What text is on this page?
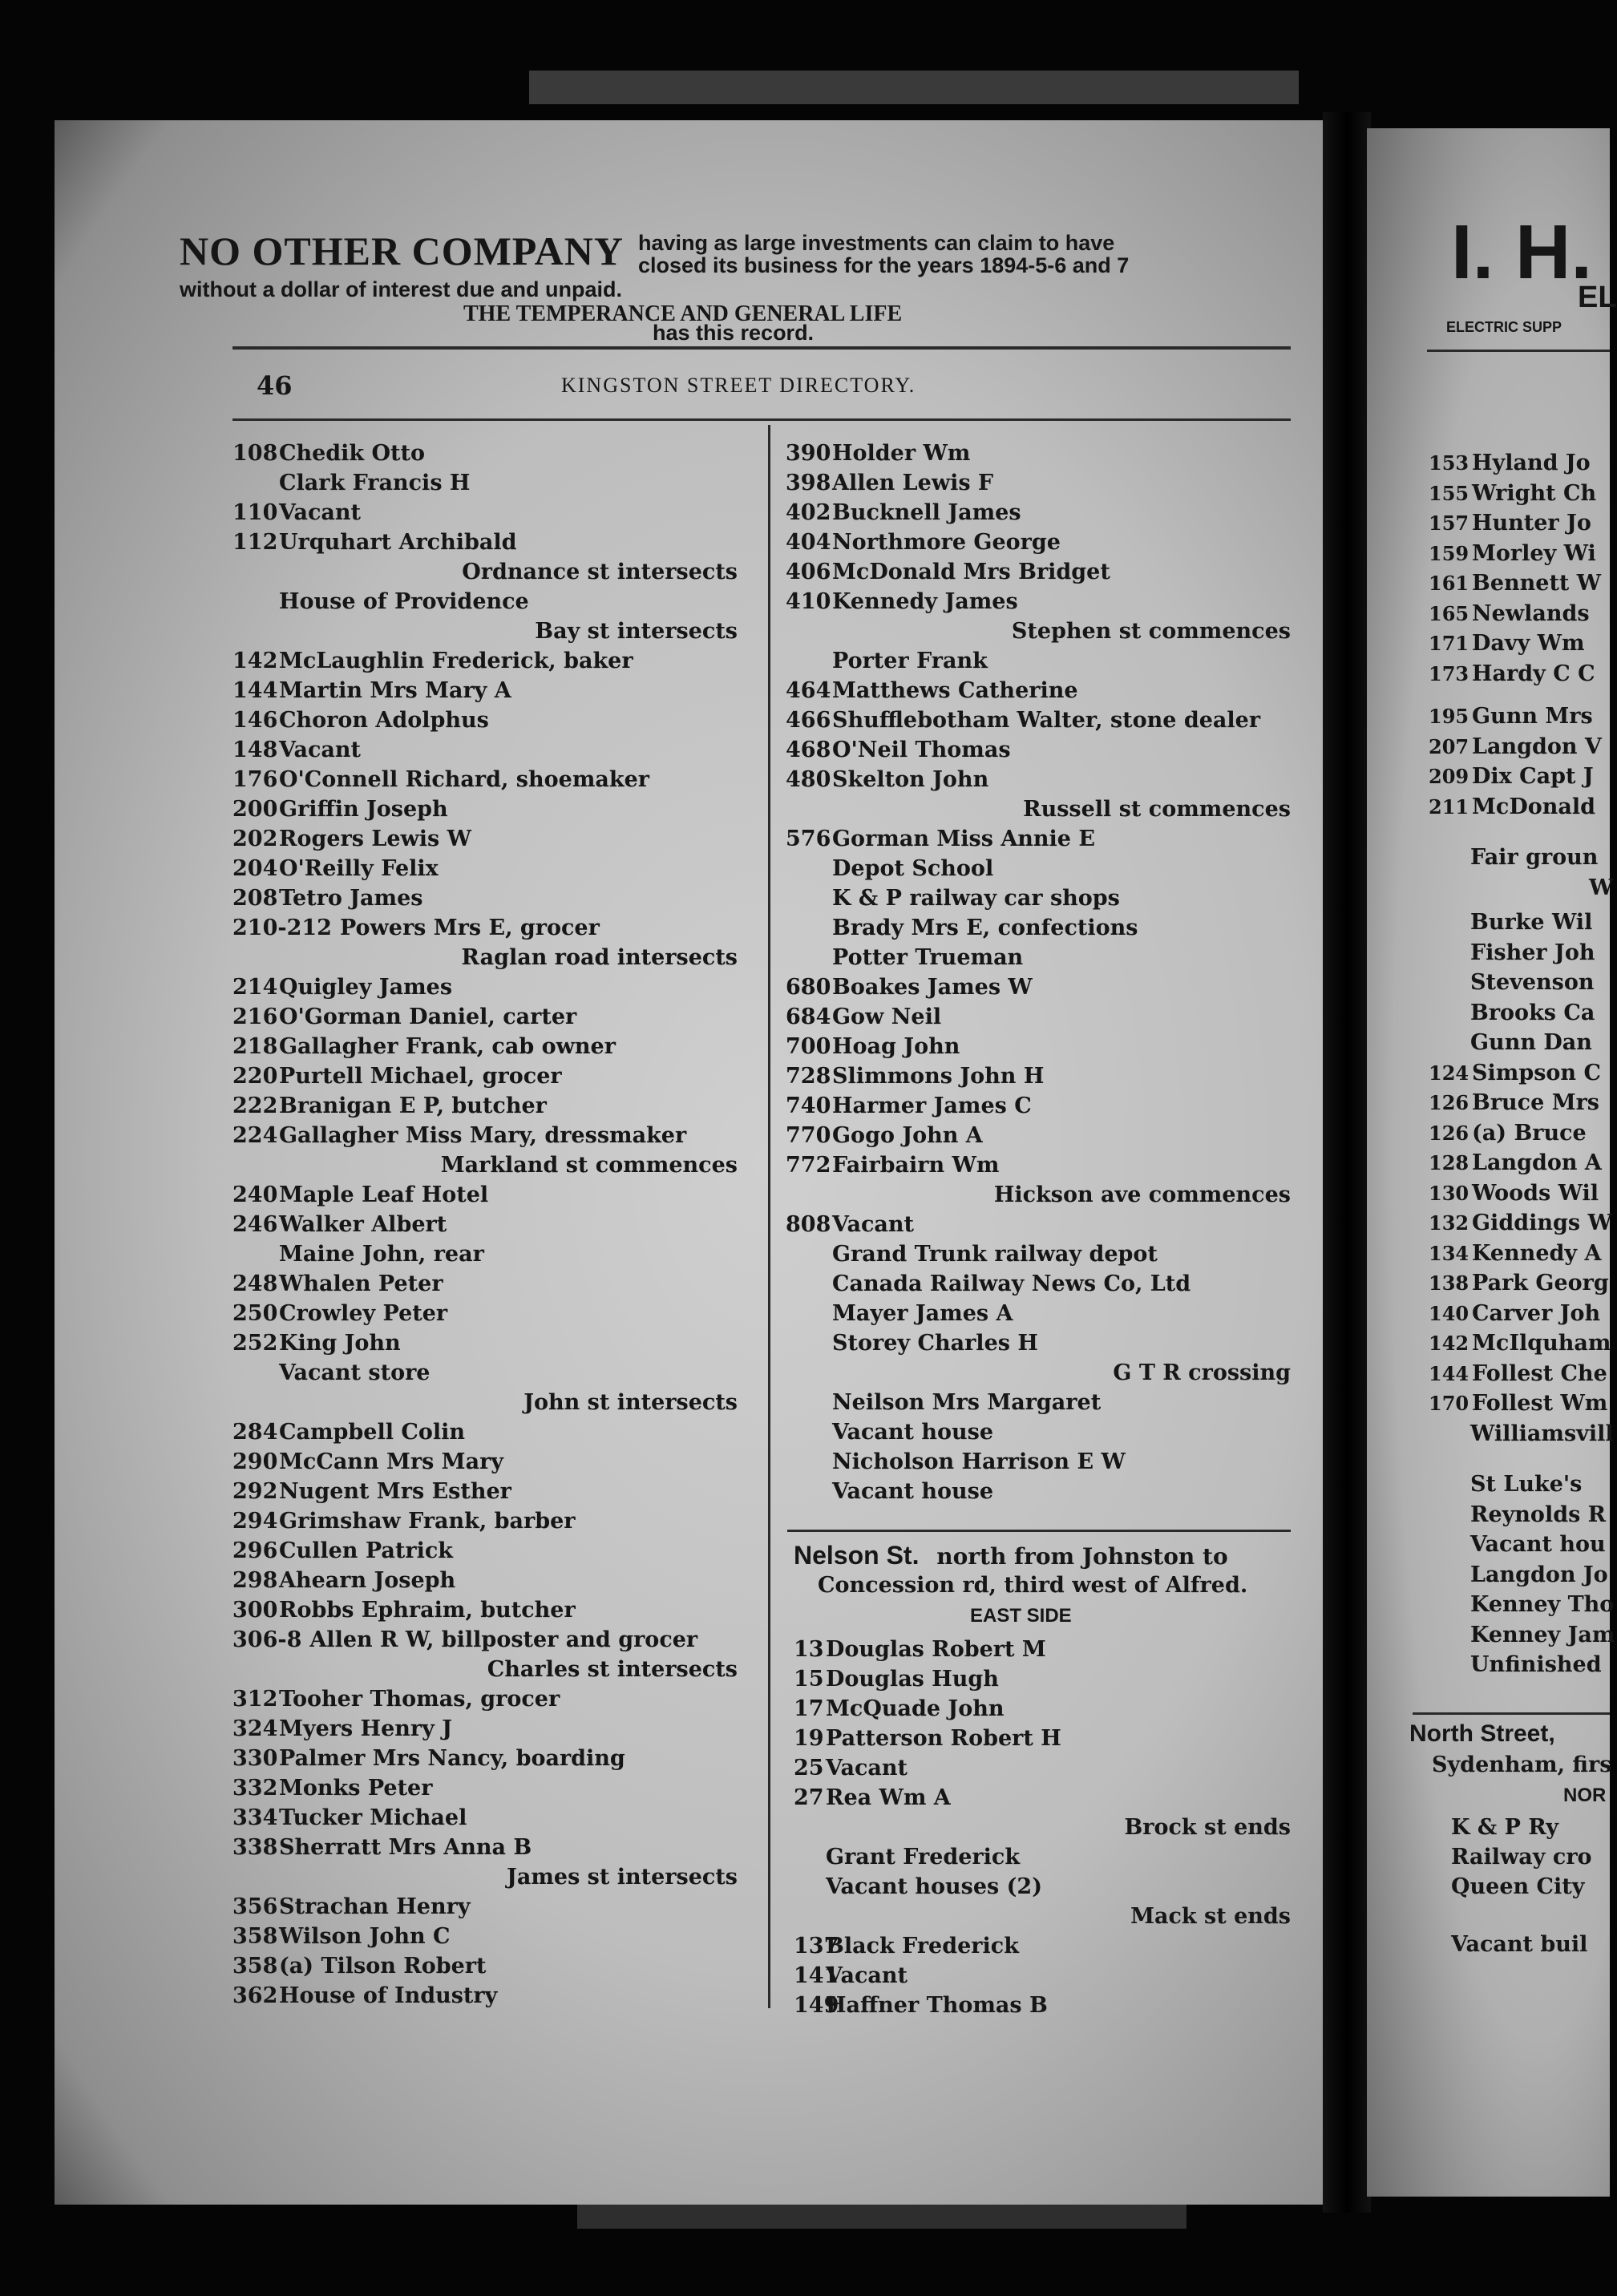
NO OTHER COMPANY having as large investments can claim to have
closed its business for the years 1894-5-6 and 7
without a dollar of interest due and unpaid.
THE TEMPERANCE AND GENERAL LIFE
has this record.
46	KINGSTON STREET DIRECTORY.
108Chedik Otto
Clark Francis H
110Vacant
112Urquhart Archibald
Ordnance st intersects
House of Providence
Bay st intersects
142McLaughlin Frederick, baker
144Martin Mrs Mary A
146Choron Adolphus
148Vacant
176O'Connell Richard, shoemaker
200Griffin Joseph
202Rogers Lewis W
204O'Reilly Felix
208Tetro James
210-212 Powers Mrs E, grocer
Raglan road intersects
214Quigley James
216O'Gorman Daniel, carter
218Gallagher Frank, cab owner
220Purtell Michael, grocer
222Branigan E P, butcher
224Gallagher Miss Mary, dressmaker
Markland st commences
240Maple Leaf Hotel
246Walker Albert
Maine John, rear
248Whalen Peter
250Crowley Peter
252King John
Vacant store
John st intersects
284Campbell Colin
290McCann Mrs Mary
292Nugent Mrs Esther
294Grimshaw Frank, barber
296Cullen Patrick
298Ahearn Joseph
300Robbs Ephraim, butcher
306-8 Allen R W, billposter and grocer
Charles st intersects
312Tooher Thomas, grocer
324Myers Henry J
330Palmer Mrs Nancy, boarding
332Monks Peter
334Tucker Michael
338Sherratt Mrs Anna B
James st intersects
356Strachan Henry
358Wilson John C
358(a) Tilson Robert
362House of Industry
390Holder Wm
398Allen Lewis F
402Bucknell James
404Northmore George
406McDonald Mrs Bridget
410Kennedy James
Stephen st commences
Porter Frank
464Matthews Catherine
466Shufflebotham Walter, stone dealer
468O'Neil Thomas
480Skelton John
Russell st commences
576Gorman Miss Annie E
Depot School
K & P railway car shops
Brady Mrs E, confections
Potter Trueman
680Boakes James W
684Gow Neil
700Hoag John
728Slimmons John H
740Harmer James C
770Gogo John A
772Fairbairn Wm
Hickson ave commences
808Vacant
Grand Trunk railway depot
Canada Railway News Co, Ltd
Mayer James A
Storey Charles H
G T R crossing
Neilson Mrs Margaret
Vacant house
Nicholson Harrison E W
Vacant house
Nelson St. north from Johnston to
Concession rd, third west of Alfred.
EAST SIDE
13Douglas Robert M
15Douglas Hugh
17McQuade John
19Patterson Robert H
25Vacant
27Rea Wm A
Brock st ends
Grant Frederick
Vacant houses (2)
Mack st ends
137Black Frederick
141Vacant
149Haffner Thomas B
I. H.
EL
ELECTRIC SUPP
153 Hyland Jo
155 Wright Ch
157 Hunter Jo
159 Morley Wi
161 Bennett W
165 Newlands
171 Davy Wm
173 Hardy C C
195 Gunn Mrs
207 Langdon V
209 Dix Capt J
211 McDonald
Fair groun
W
Burke Wil
Fisher Joh
Stevenson
Brooks Ca
Gunn Dan
124 Simpson C
126 Bruce Mrs
126 (a) Bruce
128 Langdon A
130 Woods Wil
132 Giddings W
134 Kennedy A
138 Park Georg
140 Carver Joh
142 McIlquham
144 Follest Che
170 Follest Wm
Williamsvill
St Luke's
Reynolds R
Vacant hou
Langdon Jo
Kenney Tho
Kenney Jam
Unfinished
North Street,
Sydenham, firs
NOR
K & P Ry
Railway cro
Queen City
Vacant buil
